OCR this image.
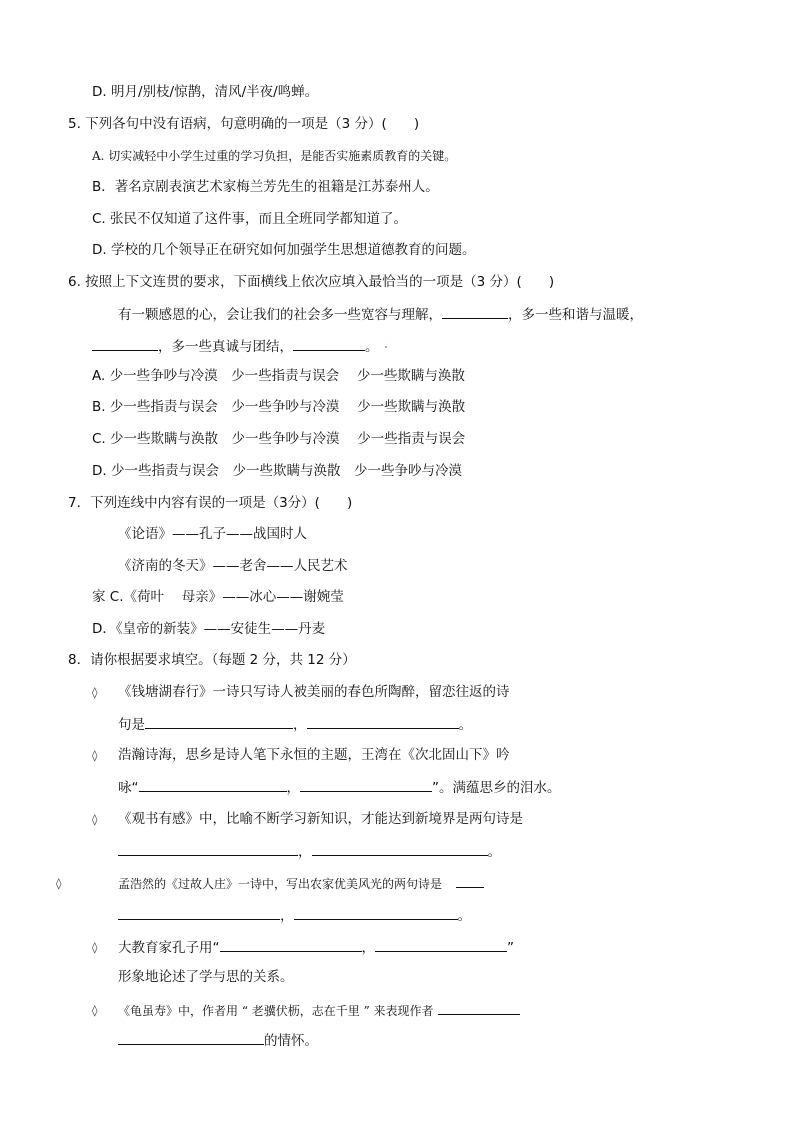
D. 明月/别枝/惊鹊，清风/半夜/鸣蝉。
5. 下列各句中没有语病，句意明确的一项是（3 分）(　　)
A. 切实减轻中小学生过重的学习负担，是能否实施素质教育的关键。
B．著名京剧表演艺术家梅兰芳先生的祖籍是江苏泰州人。
C. 张民不仅知道了这件事，而且全班同学都知道了。
D. 学校的几个领导正在研究如何加强学生思想道德教育的问题。
6. 按照上下文连贯的要求，下面横线上依次应填入最恰当的一项是（3 分）(　　)
有一颗感恩的心，会让我们的社会多一些宽容与理解，	，多一些和谐与温暖，
，多一些真诚与团结，	。
A. 少一些争吵与冷漠　少一些指责与误会　 少一些欺瞒与涣散
B. 少一些指责与误会　少一些争吵与冷漠　 少一些欺瞒与涣散
C. 少一些欺瞒与涣散　少一些争吵与冷漠　 少一些指责与误会
D. 少一些指责与误会　少一些欺瞒与涣散　少一些争吵与冷漠
7．下列连线中内容有误的一项是（3分）(　　)
《论语》——孔子——战国时人
《济南的冬天》——老舍——人民艺术
家 C.《荷叶　 母亲》——冰心——谢婉莹
D．《皇帝的新装》——安徒生——丹麦
8．请你根据要求填空。（每题 2 分，共 12 分）
◊ 《钱塘湖春行》一诗只写诗人被美丽的春色所陶醉，留恋往返的诗
句是	，	。
◊ 浩瀚诗海，思乡是诗人笔下永恒的主题，王湾在《次北固山下》吟
咏“	，	”。满蕴思乡的泪水。
◊ 《观书有感》中，比喻不断学习新知识，才能达到新境界是两句诗是
，	。
◊	孟浩然的《过故人庄》一诗中，写出农家优美风光的两句诗是
，	。
◊ 大教育家孔子用“	，	”
形象地论述了学与思的关系。
◊ 《龟虽寿》中，作者用 “ 老骥伏枥，志在千里 ” 来表现作者
的情怀。
